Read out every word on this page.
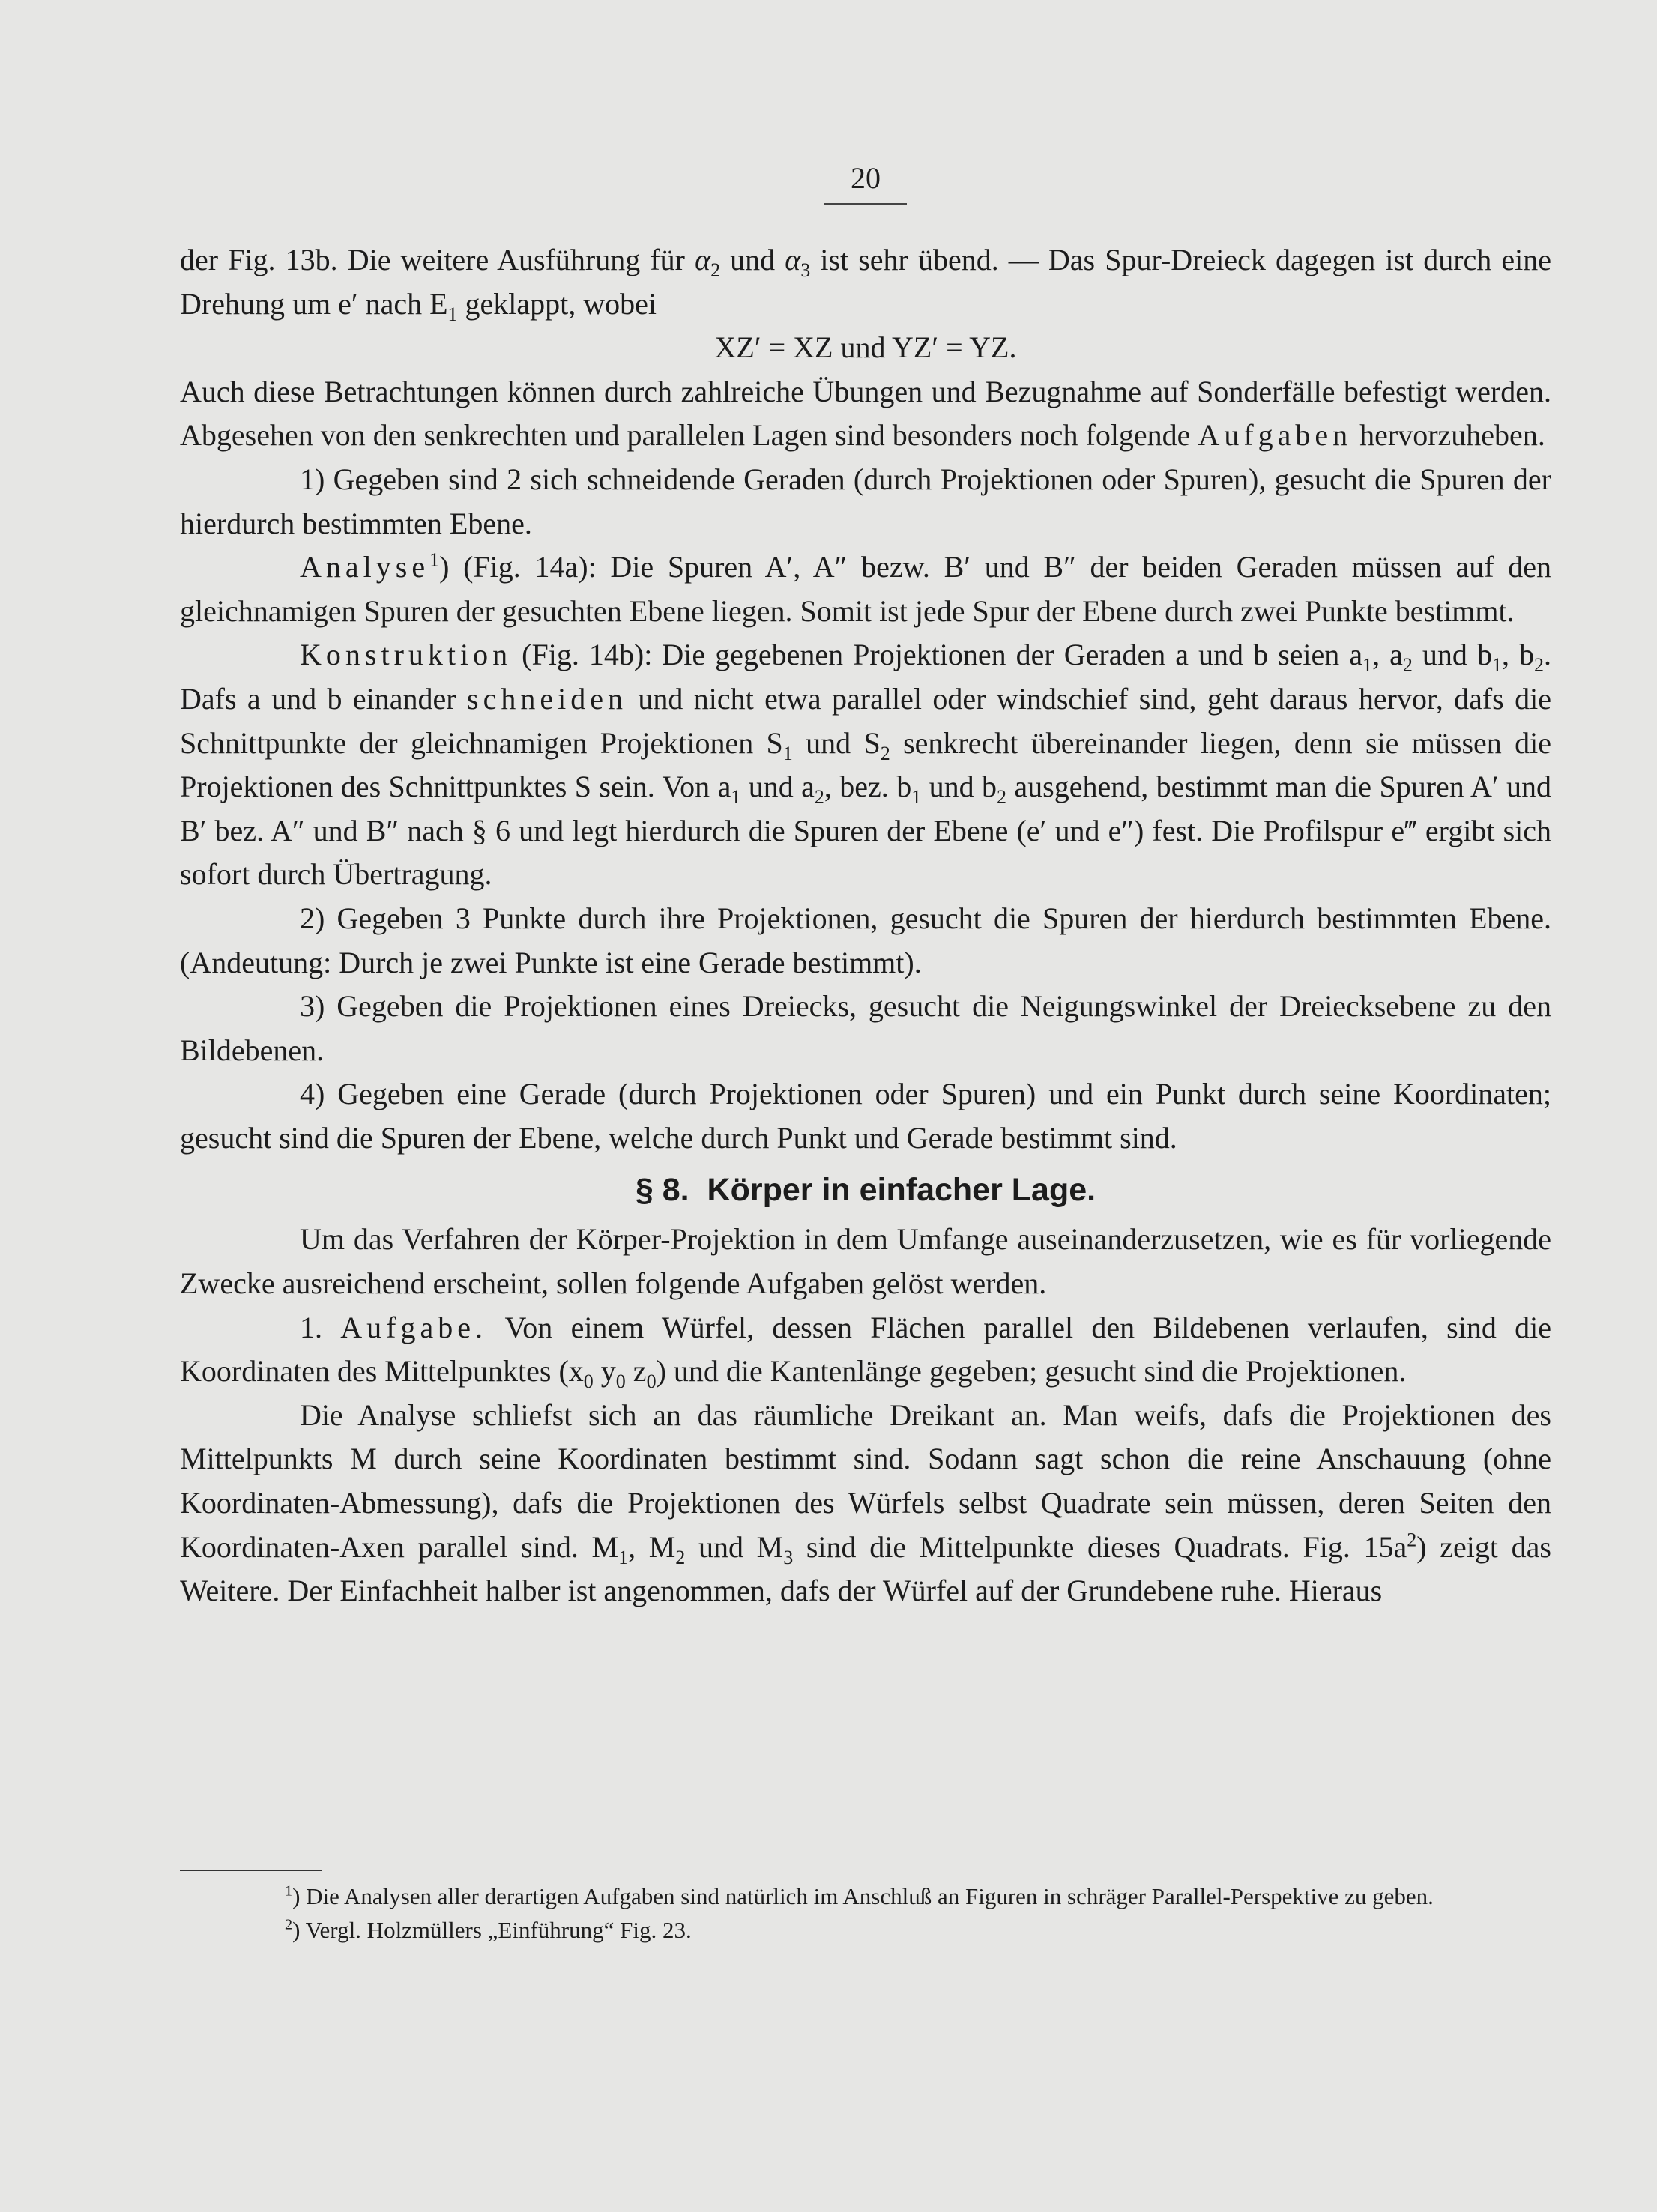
20

der Fig. 13b. Die weitere Ausführung für $\alpha_2$ und $\alpha_3$ ist sehr übend. — Das Spur-Dreieck dagegen ist durch eine Drehung um e′ nach $E_1$ geklappt, wobei

XZ′ = XZ und YZ′ = YZ.

Auch diese Betrachtungen können durch zahlreiche Übungen und Bezugnahme auf Sonderfälle befestigt werden. Abgesehen von den senkrechten und parallelen Lagen sind besonders noch folgende Aufgaben hervorzuheben.

1) Gegeben sind 2 sich schneidende Geraden (durch Projektionen oder Spuren), gesucht die Spuren der hierdurch bestimmten Ebene.

Analyse$^1$) (Fig. 14a): Die Spuren A′, A″ bezw. B′ und B″ der beiden Geraden müssen auf den gleichnamigen Spuren der gesuchten Ebene liegen. Somit ist jede Spur der Ebene durch zwei Punkte bestimmt.

Konstruktion (Fig. 14b): Die gegebenen Projektionen der Geraden a und b seien $a_1$, $a_2$ und $b_1$, $b_2$. Dafs a und b einander schneiden und nicht etwa parallel oder windschief sind, geht daraus hervor, dafs die Schnittpunkte der gleichnamigen Projektionen $S_1$ und $S_2$ senkrecht übereinander liegen, denn sie müssen die Projektionen des Schnittpunktes S sein. Von $a_1$ und $a_2$, bez. $b_1$ und $b_2$ ausgehend, bestimmt man die Spuren A′ und B′ bez. A″ und B″ nach § 6 und legt hierdurch die Spuren der Ebene (e′ und e″) fest. Die Profilspur e‴ ergibt sich sofort durch Übertragung.

2) Gegeben 3 Punkte durch ihre Projektionen, gesucht die Spuren der hierdurch bestimmten Ebene. (Andeutung: Durch je zwei Punkte ist eine Gerade bestimmt).

3) Gegeben die Projektionen eines Dreiecks, gesucht die Neigungswinkel der Dreiecksebene zu den Bildebenen.

4) Gegeben eine Gerade (durch Projektionen oder Spuren) und ein Punkt durch seine Koordinaten; gesucht sind die Spuren der Ebene, welche durch Punkt und Gerade bestimmt sind.

§ 8. Körper in einfacher Lage.

Um das Verfahren der Körper-Projektion in dem Umfange auseinanderzusetzen, wie es für vorliegende Zwecke ausreichend erscheint, sollen folgende Aufgaben gelöst werden.

1. Aufgabe. Von einem Würfel, dessen Flächen parallel den Bildebenen verlaufen, sind die Koordinaten des Mittelpunktes ($x_0$ $y_0$ $z_0$) und die Kantenlänge gegeben; gesucht sind die Projektionen.

Die Analyse schliefst sich an das räumliche Dreikant an. Man weifs, dafs die Projektionen des Mittelpunkts M durch seine Koordinaten bestimmt sind. Sodann sagt schon die reine Anschauung (ohne Koordinaten-Abmessung), dafs die Projektionen des Würfels selbst Quadrate sein müssen, deren Seiten den Koordinaten-Axen parallel sind. $M_1$, $M_2$ und $M_3$ sind die Mittelpunkte dieses Quadrats. Fig. $15a^2$) zeigt das Weitere. Der Einfachheit halber ist angenommen, dafs der Würfel auf der Grundebene ruhe. Hieraus

$^1$) Die Analysen aller derartigen Aufgaben sind natürlich im Anschluß an Figuren in schräger Parallel-Perspektive zu geben.

$^2$) Vergl. Holzmüllers „Einführung“ Fig. 23.
